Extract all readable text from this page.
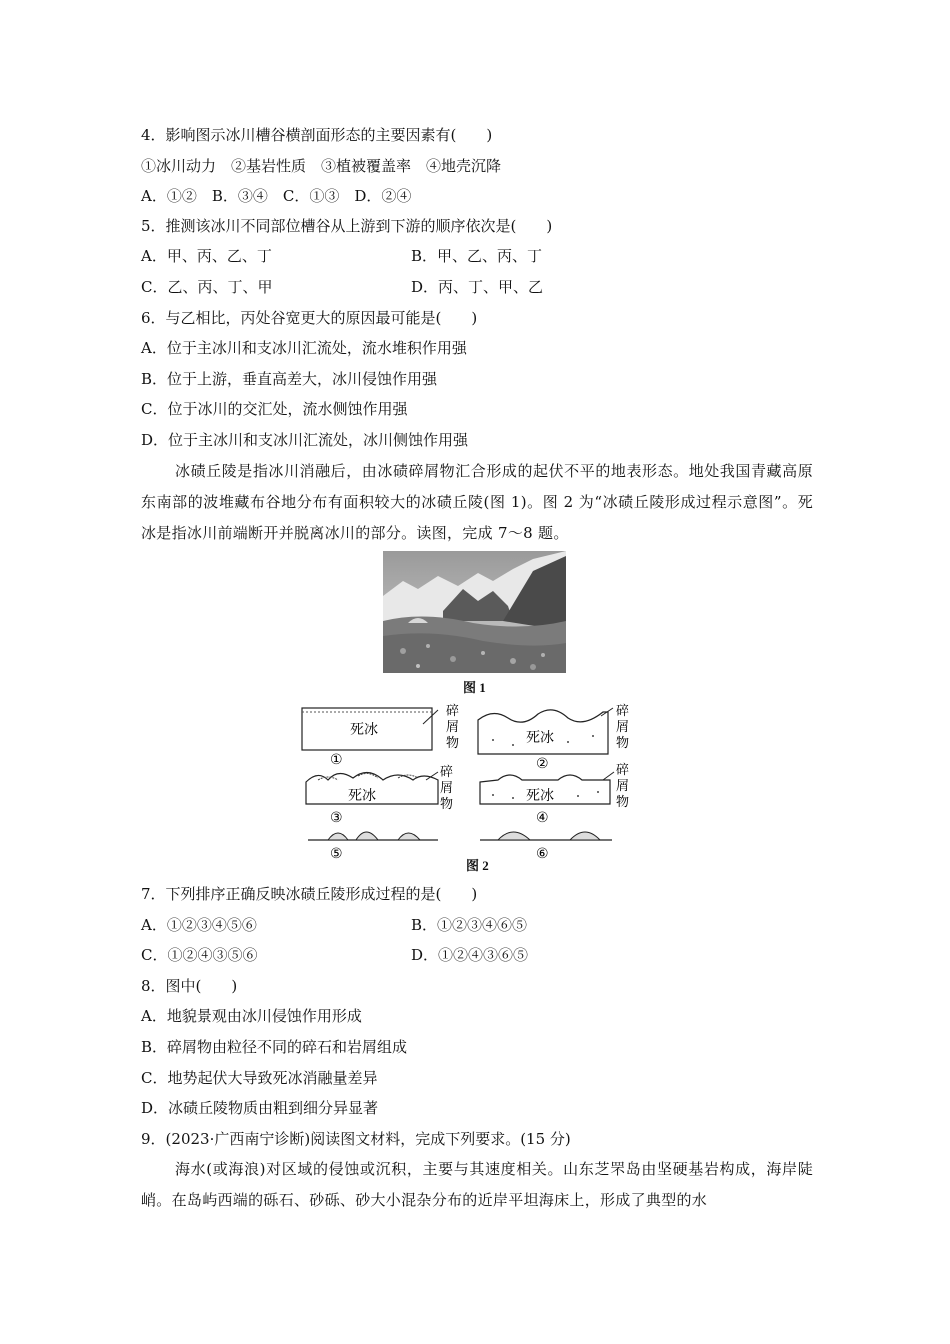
4．影响图示冰川槽谷横剖面形态的主要因素有(　　)
①冰川动力　②基岩性质　③植被覆盖率　④地壳沉降
A．①②　B．③④　C．①③　D．②④
5．推测该冰川不同部位槽谷从上游到下游的顺序依次是(　　)
A．甲、丙、乙、丁	B．甲、乙、丙、丁
C．乙、丙、丁、甲	D．丙、丁、甲、乙
6．与乙相比，丙处谷宽更大的原因最可能是(　　)
A．位于主冰川和支冰川汇流处，流水堆积作用强
B．位于上游，垂直高差大，冰川侵蚀作用强
C．位于冰川的交汇处，流水侧蚀作用强
D．位于主冰川和支冰川汇流处，冰川侧蚀作用强
冰碛丘陵是指冰川消融后，由冰碛碎屑物汇合形成的起伏不平的地表形态。地处我国青藏高原东南部的波堆藏布谷地分布有面积较大的冰碛丘陵(图 1)。图 2 为“冰碛丘陵形成过程示意图”。死冰是指冰川前端断开并脱离冰川的部分。读图，完成 7～8 题。
图 1
死冰
碎
屑
物
①
死冰
碎
屑
物
②
死冰
碎
屑
物
③
死冰
碎
屑
物
④
⑤	⑥
图 2
7．下列排序正确反映冰碛丘陵形成过程的是(　　)
A．①②③④⑤⑥	B．①②③④⑥⑤
C．①②④③⑤⑥	D．①②④③⑥⑤
8．图中(　　)
A．地貌景观由冰川侵蚀作用形成
B．碎屑物由粒径不同的碎石和岩屑组成
C．地势起伏大导致死冰消融量差异
D．冰碛丘陵物质由粗到细分异显著
9．(2023·广西南宁诊断)阅读图文材料，完成下列要求。(15 分)
海水(或海浪)对区域的侵蚀或沉积，主要与其速度相关。山东芝罘岛由坚硬基岩构成，海岸陡峭。在岛屿西端的砾石、砂砾、砂大小混杂分布的近岸平坦海床上，形成了典型的水
